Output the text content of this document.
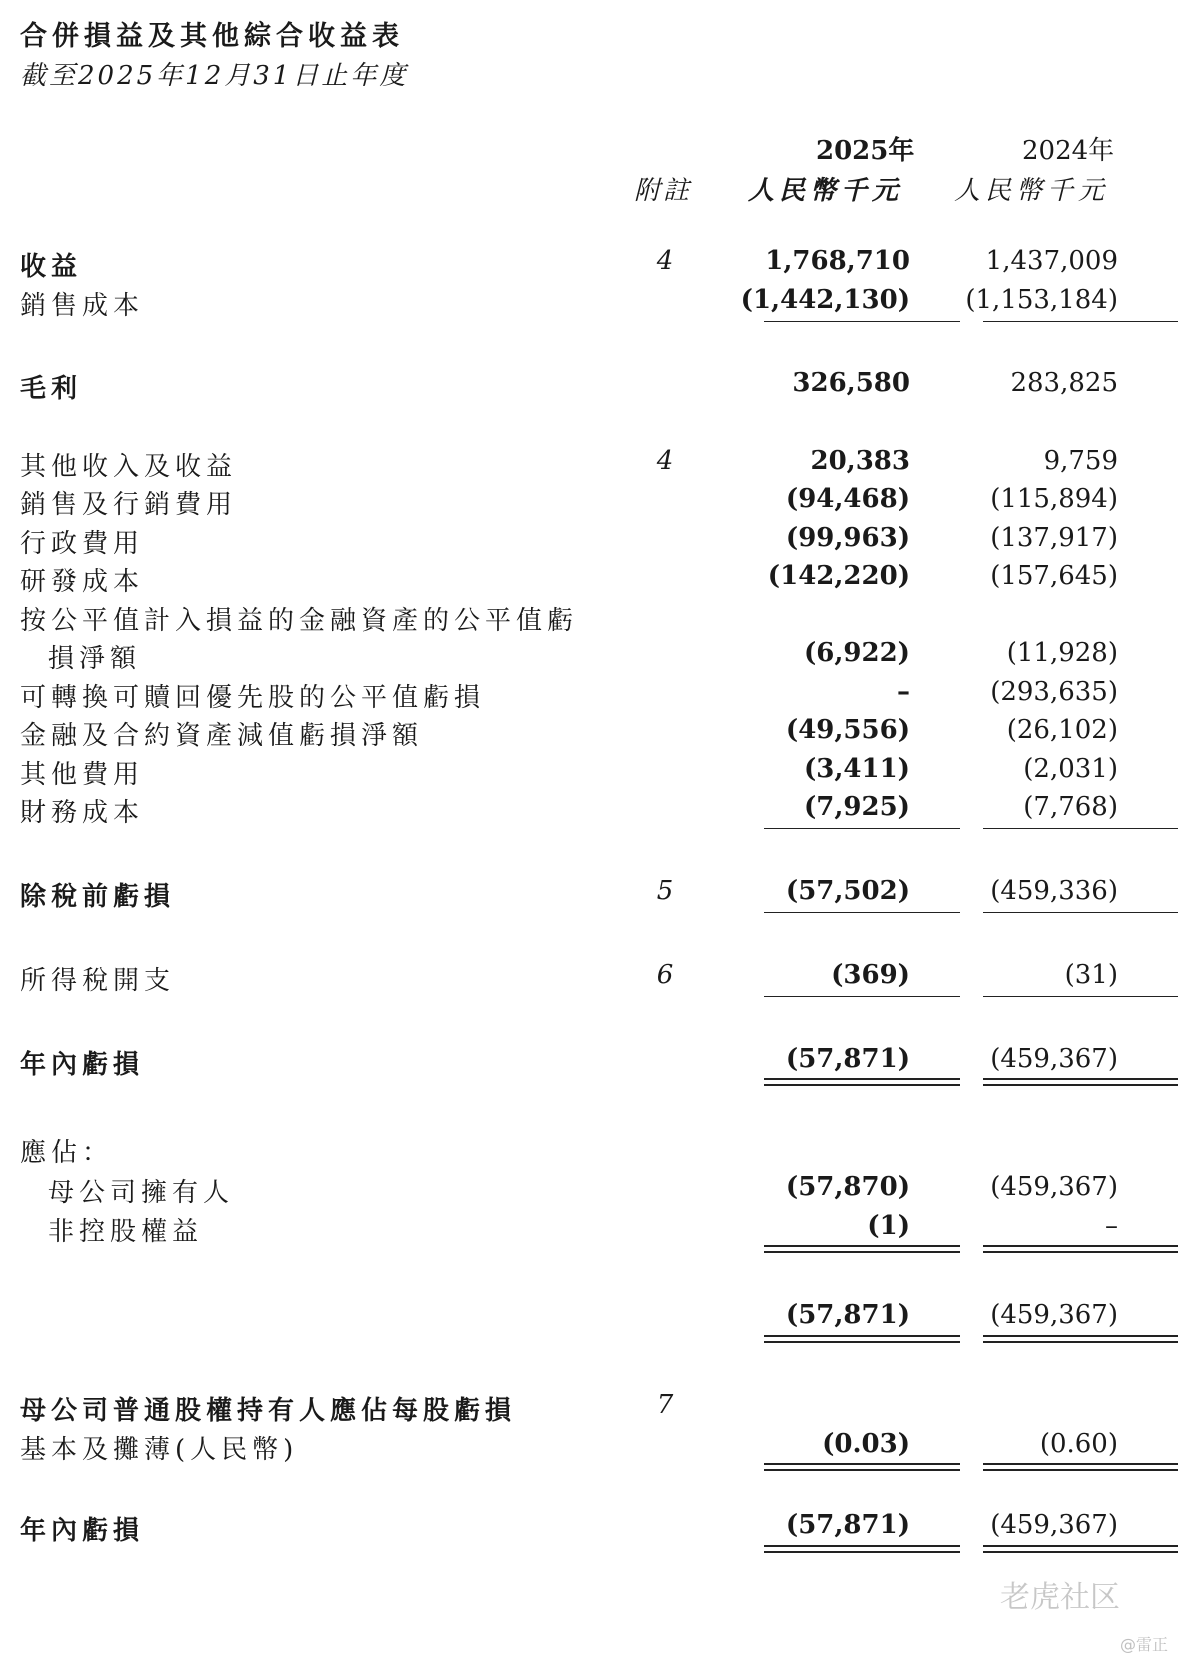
合併損益及其他綜合收益表
截至2025年12月31日止年度
2025年	2024年
附註 人民幣千元 人民幣千元
收益	4	1,768,710	1,437,009
銷售成本	(1,442,130) (1,153,184)
毛利	326,580	283,825
其他收入及收益	4	20,383	9,759
銷售及行銷費用	(94,468)	(115,894)
行政費用	(99,963)	(137,917)
研發成本	(142,220)	(157,645)
按公平值計入損益的金融資產的公平值虧
損淨額	(6,922)	(11,928)
可轉換可贖回優先股的公平值虧損	–	(293,635)
金融及合約資產減值虧損淨額	(49,556)	(26,102)
其他費用	(3,411)	(2,031)
財務成本	(7,925)	(7,768)
除稅前虧損	5	(57,502)	(459,336)
所得稅開支	6	(369)	(31)
年內虧損	(57,871)	(459,367)
應佔：
母公司擁有人	(57,870)	(459,367)
非控股權益	(1)	–
(57,871)	(459,367)
母公司普通股權持有人應佔每股虧損	7
基本及攤薄(人民幣)	(0.03)	(0.60)
年內虧損	(57,871)	(459,367)
老虎社区
@雷正
